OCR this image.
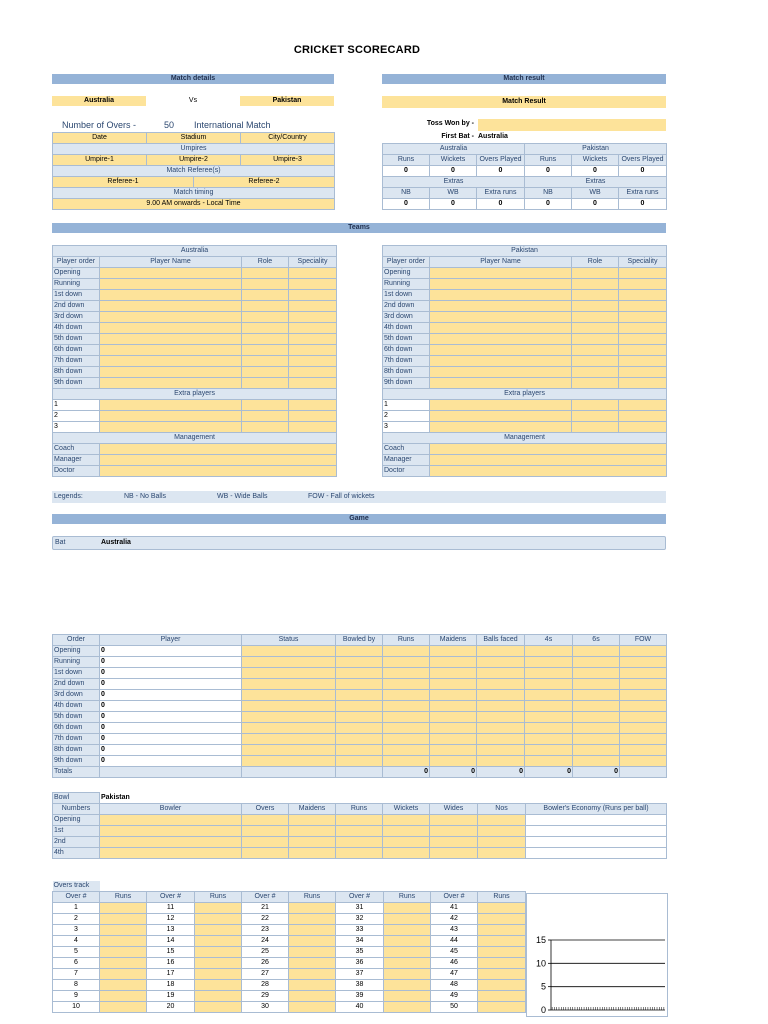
CRICKET SCORECARD
Match details
Australia	Vs	Pakistan
Number of Overs -	50 International Match
Date	Stadium	City/Country
Umpires		
Umpire-1	Umpire-2	Umpire-3
Match Referee(s)		
Referee-1	Referee-2
Match timing
9.00 AM onwards - Local Time
Match result
Match Result
Toss Won by -
First Bat - Australia
Australia			Pakistan		
Runs	Wickets	Overs Played	Runs	Wickets	Overs Played
0	0	0	0	0	0
Extras			Extras		
NB	WB	Extra runs	NB	WB	Extra runs
0	0	0	0	0	0
Teams
Australia			
Player order	Player Name	Role	Speciality
Opening			
Running			
1st down			
2nd down			
3rd down			
4th down			
5th down			
6th down			
7th down			
8th down			
9th down			
Extra players			
1			
2			
3			
Management			
Coach			
Manager			
Doctor			
Pakistan			
Player order	Player Name	Role	Speciality
Opening			
Running			
1st down			
2nd down			
3rd down			
4th down			
5th down			
6th down			
7th down			
8th down			
9th down			
Extra players			
1			
2			
3			
Management			
Coach			
Manager			
Doctor			
Legends:	NB - No Balls	WB - Wide Balls	FOW - Fall of wickets
Game
Bat	Australia
Order	Player	Status	Bowled by	Runs	Maidens	Balls faced	4s	6s	FOW
Opening	0								
Running	0								
1st down	0								
2nd down	0								
3rd down	0								
4th down	0								
5th down	0								
6th down	0								
7th down	0								
8th down	0								
9th down	0								
Totals				0	0	0	0	0	
Bowl	Pakistan							
Numbers	Bowler	Overs	Maidens	Runs	Wickets	Wides	Nos	Bowler's Economy (Runs per ball)
Opening								
1st								
2nd								
4th								
Overs track									
Over #	Runs	Over #	Runs	Over #	Runs	Over #	Runs	Over #	Runs
1		11		21		31		41	
2		12		22		32		42	
3		13		23		33		43	
4		14		24		34		44	
5		15		25		35		45	
6		16		26		36		46	
7		17		27		37		47	
8		18		28		38		48	
9		19		29		39		49	
10		20		30		40		50		0
5
10
15
